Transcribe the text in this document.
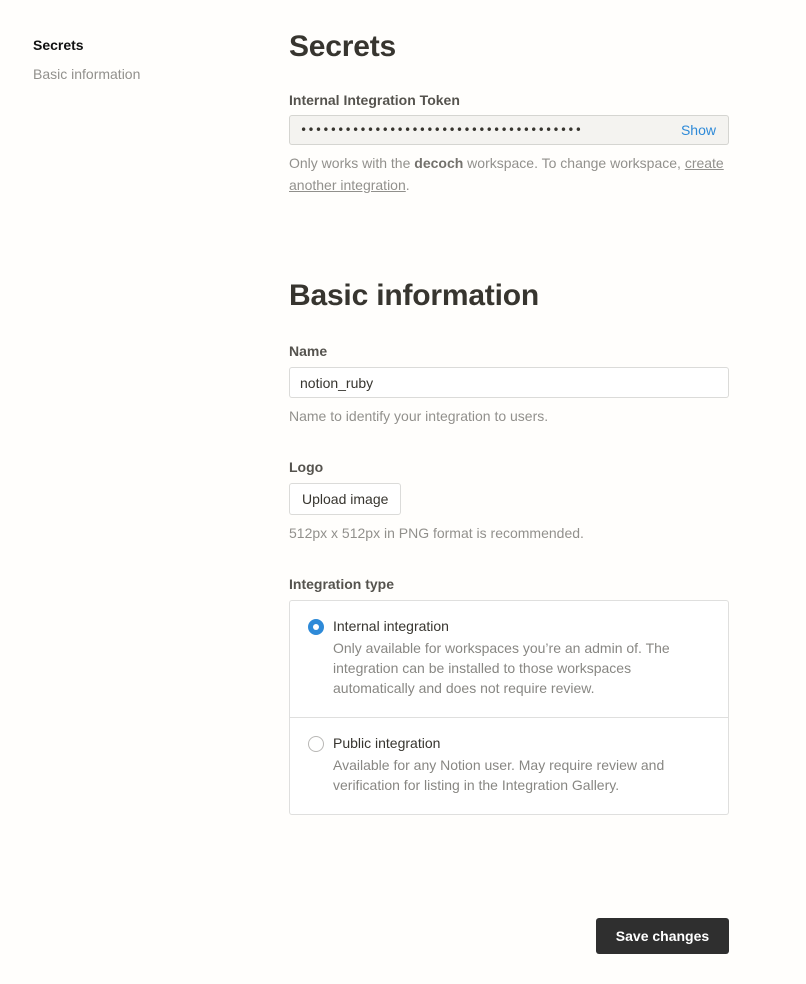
Secrets
Basic information
Secrets
Internal Integration Token
••••••••••••••••••••••••••••••••••••••	Show
Only works with the decoch workspace. To change workspace, create another integration.
Basic information
Name
notion_ruby
Name to identify your integration to users.
Logo
Upload image
512px x 512px in PNG format is recommended.
Integration type
Internal integration
Only available for workspaces you’re an admin of. The integration can be installed to those workspaces automatically and does not require review.
Public integration
Available for any Notion user. May require review and verification for listing in the Integration Gallery.
Save changes
